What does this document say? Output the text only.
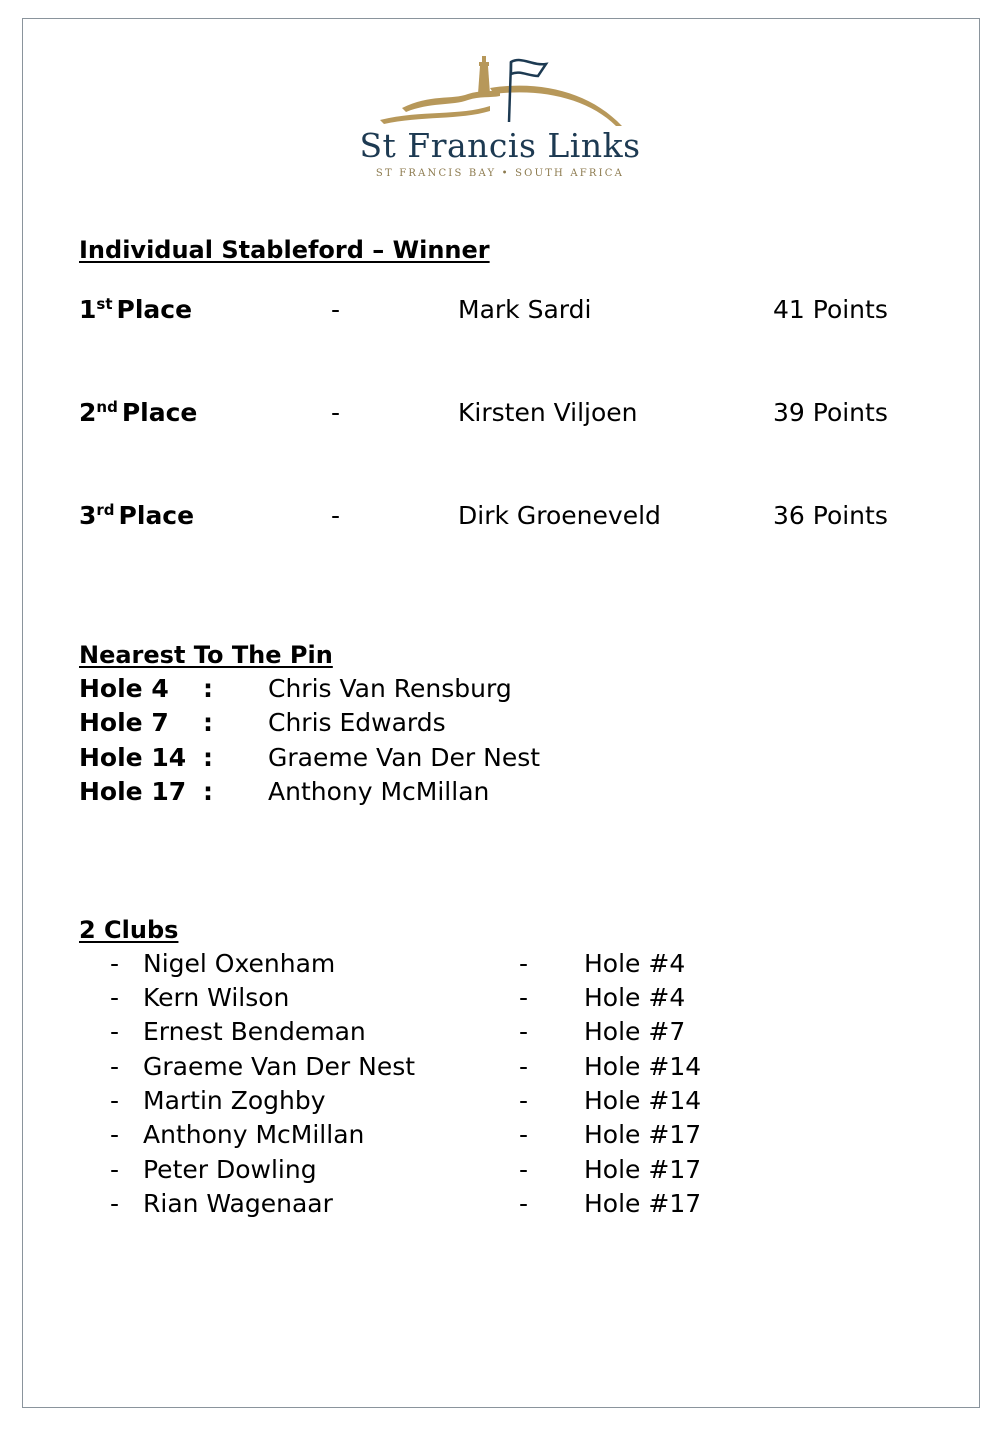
St Francis Links
ST FRANCIS BAY • SOUTH AFRICA
Individual Stableford – Winner
1st Place	-	Mark Sardi	41 Points
2nd Place	-	Kirsten Viljoen	39 Points
3rd Place	-	Dirk Groeneveld	36 Points
Nearest To The Pin
Hole 4 : Chris Van Rensburg
Hole 7 : Chris Edwards
Hole 14 : Graeme Van Der Nest
Hole 17 : Anthony McMillan
2 Clubs
- Nigel Oxenham	- Hole #4
- Kern Wilson	- Hole #4
- Ernest Bendeman	- Hole #7
- Graeme Van Der Nest	- Hole #14
- Martin Zoghby	- Hole #14
- Anthony McMillan	- Hole #17
- Peter Dowling	- Hole #17
- Rian Wagenaar	- Hole #17
